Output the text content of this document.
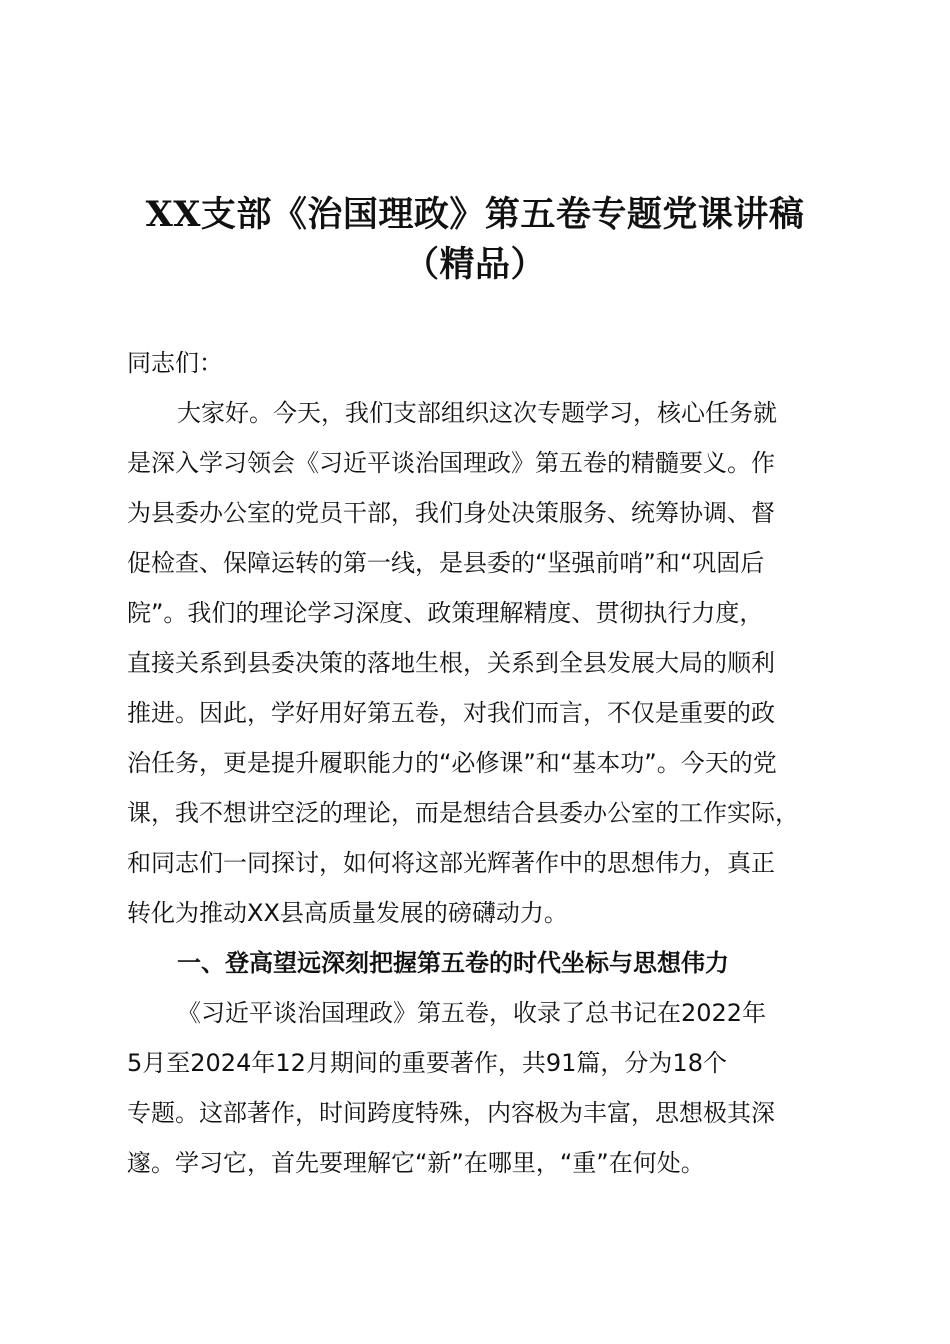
XX支部《治国理政》第五卷专题党课讲稿
（精品）
同志们：
大家好。今天，我们支部组织这次专题学习，核心任务就
是深入学习领会《习近平谈治国理政》第五卷的精髓要义。作
为县委办公室的党员干部，我们身处决策服务、统筹协调、督
促检查、保障运转的第一线，是县委的“坚强前哨”和“巩固后
院”。我们的理论学习深度、政策理解精度、贯彻执行力度，
直接关系到县委决策的落地生根，关系到全县发展大局的顺利
推进。因此，学好用好第五卷，对我们而言，不仅是重要的政
治任务，更是提升履职能力的“必修课”和“基本功”。今天的党
课，我不想讲空泛的理论，而是想结合县委办公室的工作实际，
和同志们一同探讨，如何将这部光辉著作中的思想伟力，真正
转化为推动XX县高质量发展的磅礴动力。
一、登高望远深刻把握第五卷的时代坐标与思想伟力
《习近平谈治国理政》第五卷，收录了总书记在2022年
5月至2024年12月期间的重要著作，共91篇，分为18个
专题。这部著作，时间跨度特殊，内容极为丰富，思想极其深
邃。学习它，首先要理解它“新”在哪里，“重”在何处。
